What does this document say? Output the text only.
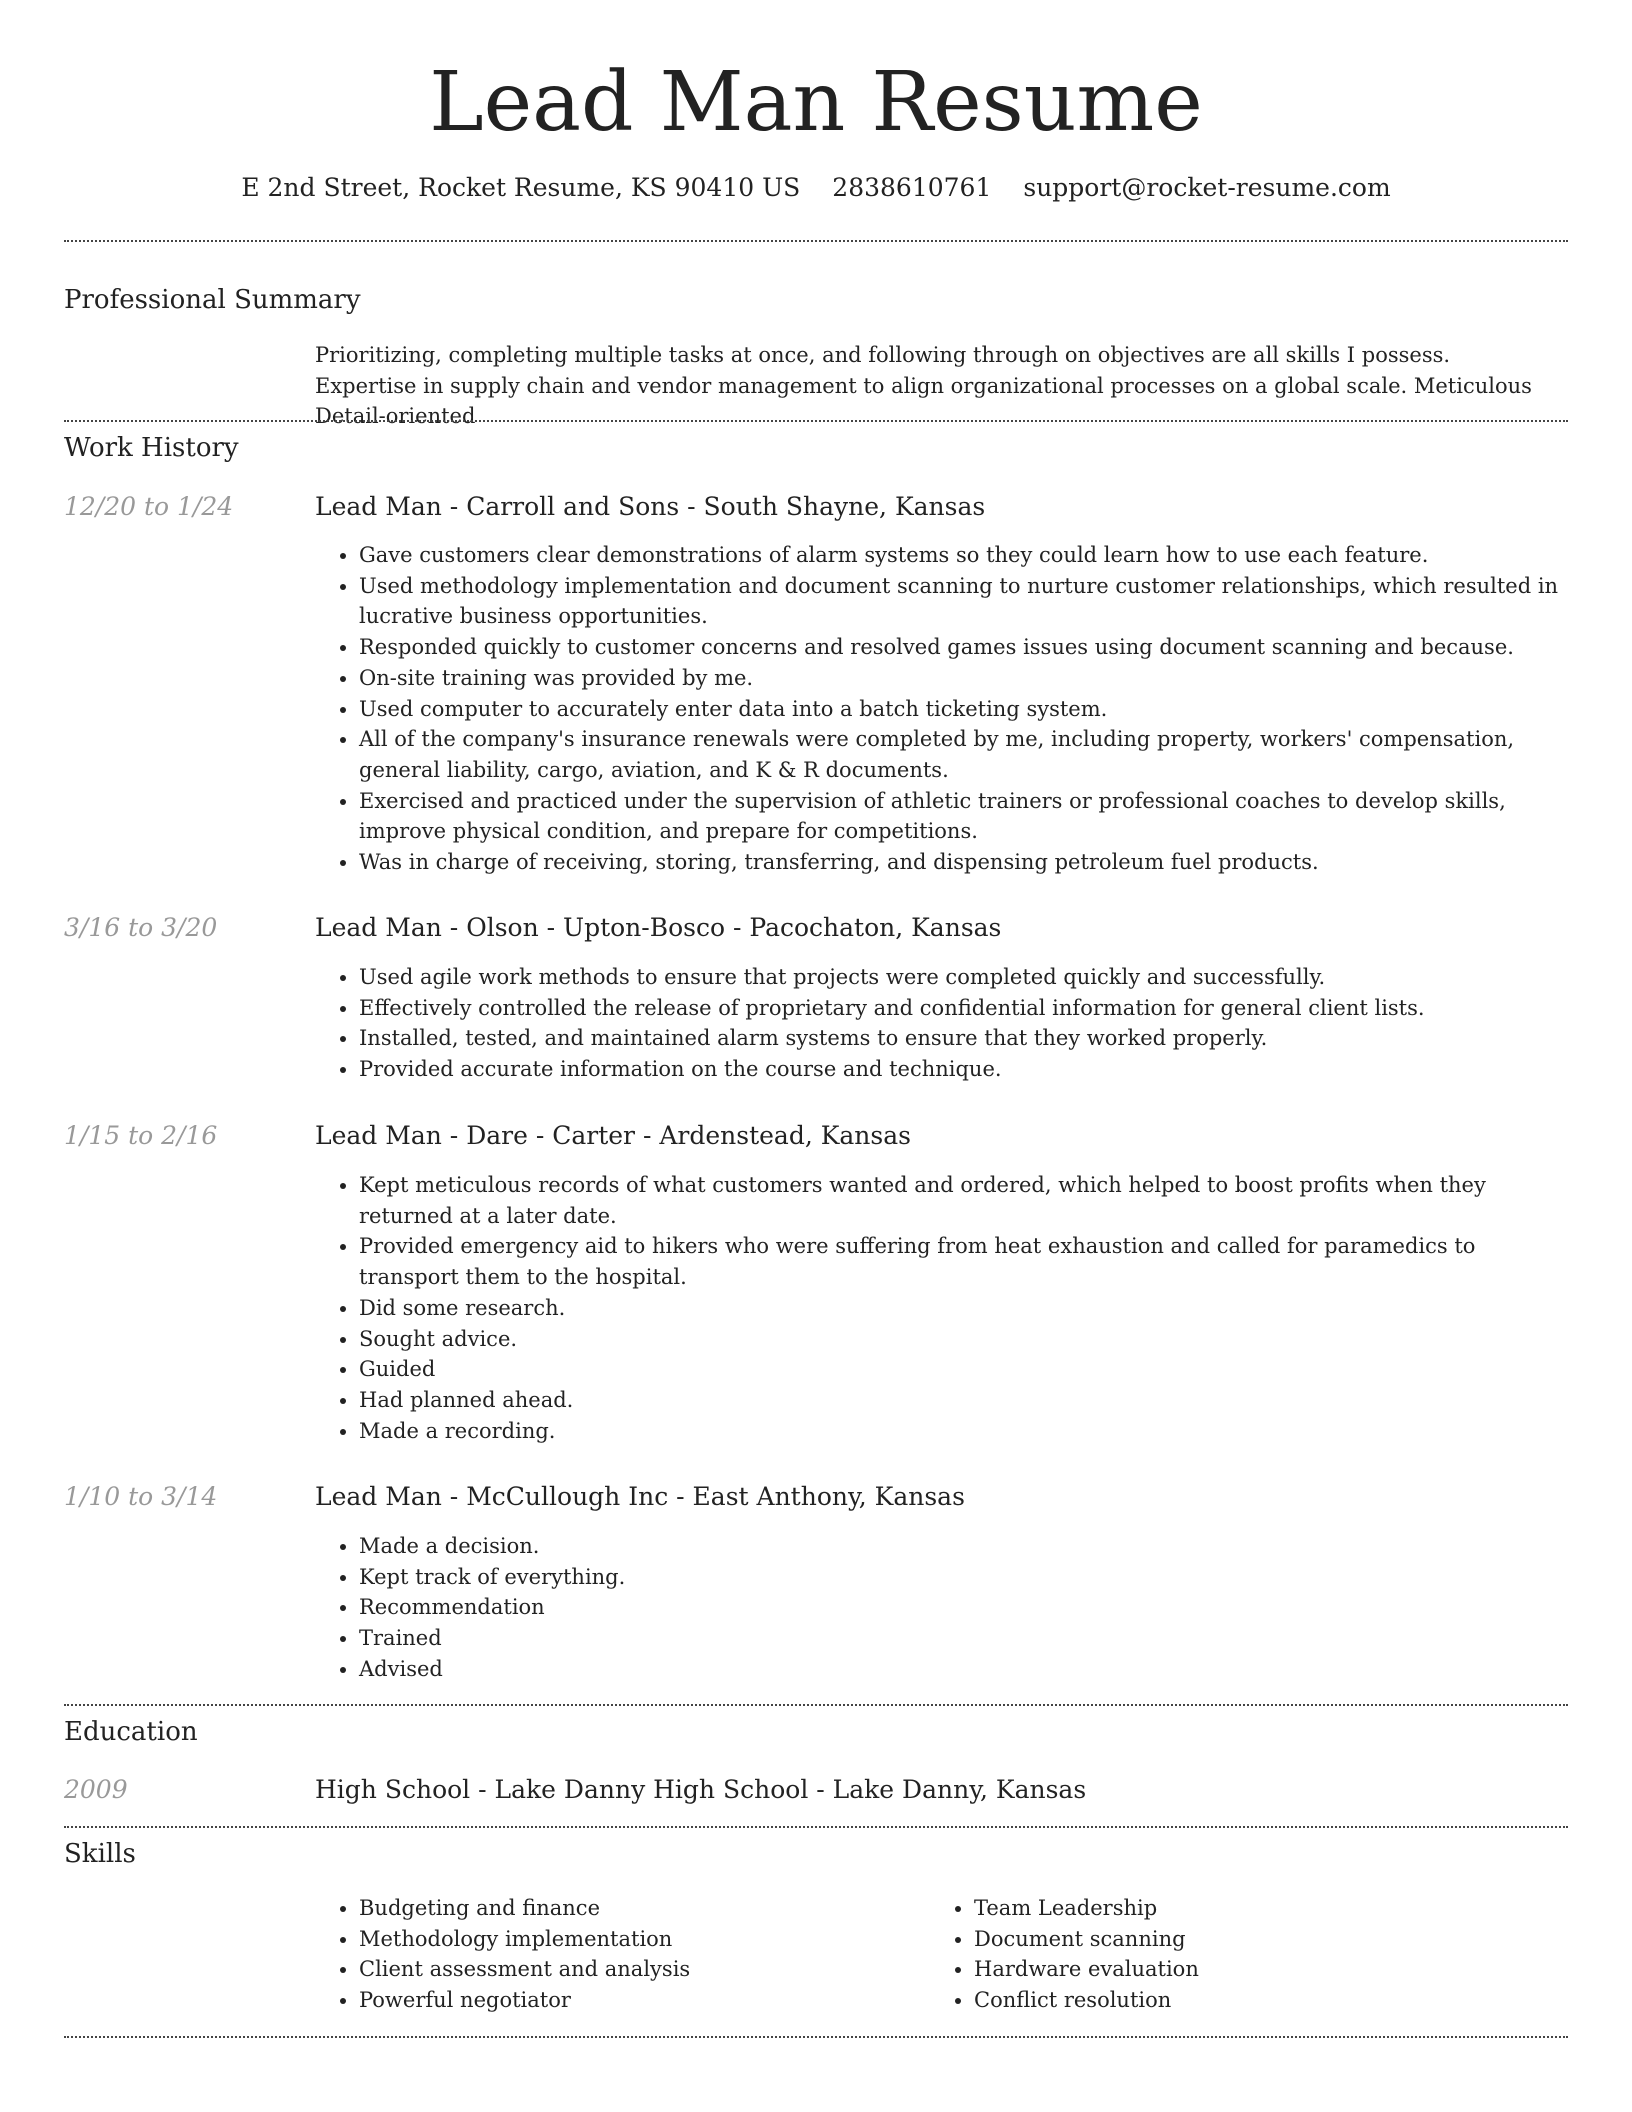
Lead Man Resume
E 2nd Street, Rocket Resume, KS 90410 US 2838610761 support@rocket-resume.com
Professional Summary

Prioritizing, completing multiple tasks at once, and following through on objectives are all skills I possess. Expertise in supply chain and vendor management to align organizational processes on a global scale. Meticulous Detail-oriented

Work History
12/20 to 1/24	Lead Man - Carroll and Sons - South Shayne, Kansas
• Gave customers clear demonstrations of alarm systems so they could learn how to use each feature.
• Used methodology implementation and document scanning to nurture customer relationships, which resulted in lucrative business opportunities.
• Responded quickly to customer concerns and resolved games issues using document scanning and because.
• On-site training was provided by me.
• Used computer to accurately enter data into a batch ticketing system.
• All of the company's insurance renewals were completed by me, including property, workers' compensation, general liability, cargo, aviation, and K & R documents.
• Exercised and practiced under the supervision of athletic trainers or professional coaches to develop skills, improve physical condition, and prepare for competitions.
• Was in charge of receiving, storing, transferring, and dispensing petroleum fuel products.
3/16 to 3/20	Lead Man - Olson - Upton-Bosco - Pacochaton, Kansas
• Used agile work methods to ensure that projects were completed quickly and successfully.
• Effectively controlled the release of proprietary and confidential information for general client lists.
• Installed, tested, and maintained alarm systems to ensure that they worked properly.
• Provided accurate information on the course and technique.
1/15 to 2/16	Lead Man - Dare - Carter - Ardenstead, Kansas
• Kept meticulous records of what customers wanted and ordered, which helped to boost profits when they returned at a later date.
• Provided emergency aid to hikers who were suffering from heat exhaustion and called for paramedics to transport them to the hospital.
• Did some research.
• Sought advice.
• Guided
• Had planned ahead.
• Made a recording.
1/10 to 3/14	Lead Man - McCullough Inc - East Anthony, Kansas
• Made a decision.
• Kept track of everything.
• Recommendation
• Trained
• Advised
Education
2009	High School - Lake Danny High School - Lake Danny, Kansas
Skills
• Budgeting and finance
• Methodology implementation
• Client assessment and analysis
• Powerful negotiator
• Team Leadership
• Document scanning
• Hardware evaluation
• Conflict resolution
